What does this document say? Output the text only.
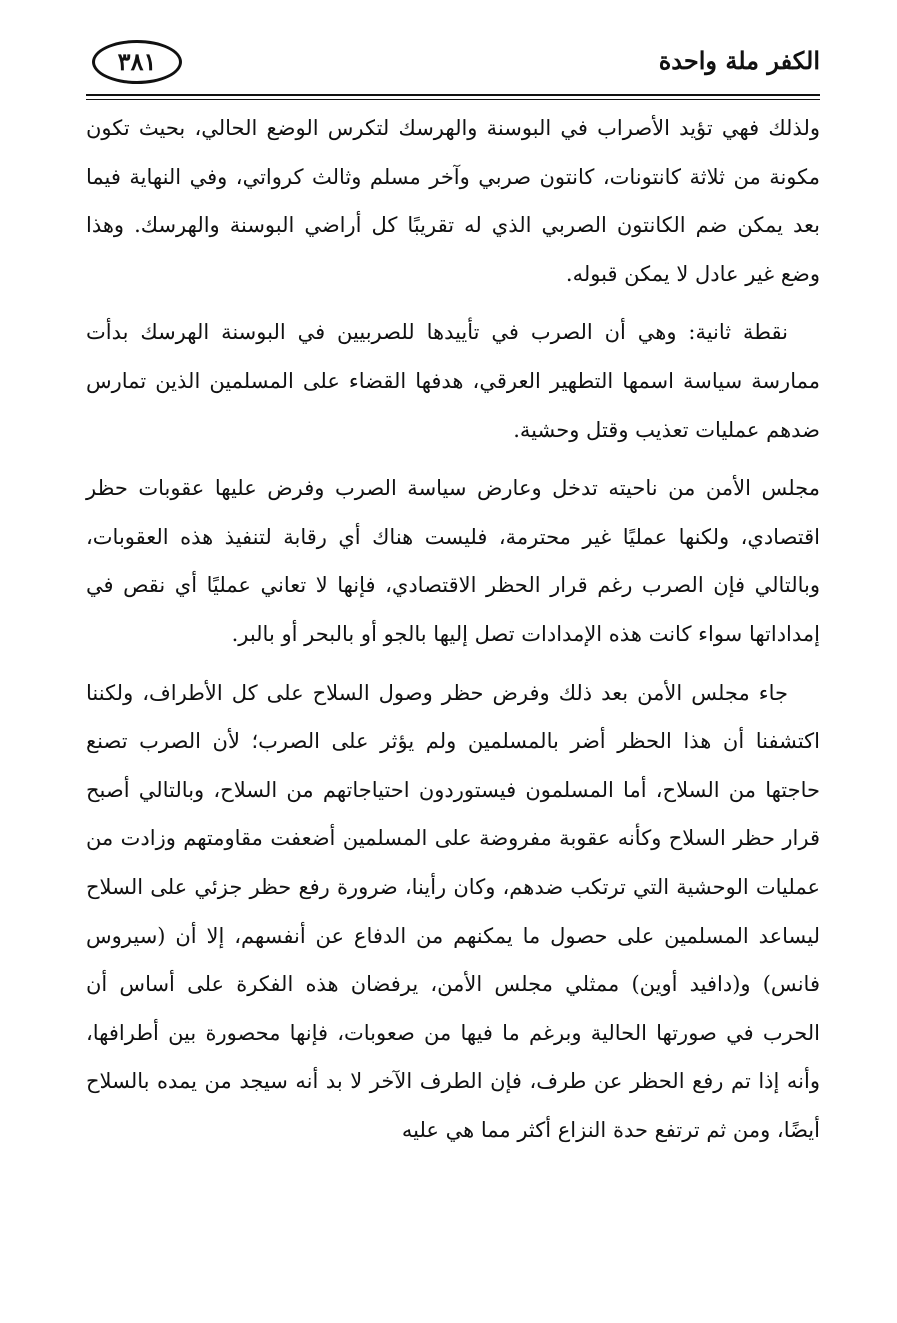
الكفر ملة واحدة
٣٨١

ولذلك فهي تؤيد الأصراب في البوسنة والهرسك لتكرس الوضع الحالي، بحيث تكون مكونة من ثلاثة كانتونات، كانتون صربي وآخر مسلم وثالث كرواتي، وفي النهاية فيما بعد يمكن ضم الكانتون الصربي الذي له تقريبًا كل أراضي البوسنة والهرسك. وهذا وضع غير عادل لا يمكن قبوله.

نقطة ثانية: وهي أن الصرب في تأييدها للصربيين في البوسنة الهرسك بدأت ممارسة سياسة اسمها التطهير العرقي، هدفها القضاء على المسلمين الذين تمارس ضدهم عمليات تعذيب وقتل وحشية.

مجلس الأمن من ناحيته تدخل وعارض سياسة الصرب وفرض عليها عقوبات حظر اقتصادي، ولكنها عمليًا غير محترمة، فليست هناك أي رقابة لتنفيذ هذه العقوبات، وبالتالي فإن الصرب رغم قرار الحظر الاقتصادي، فإنها لا تعاني عمليًا أي نقص في إمداداتها سواء كانت هذه الإمدادات تصل إليها بالجو أو بالبحر أو بالبر.

جاء مجلس الأمن بعد ذلك وفرض حظر وصول السلاح على كل الأطراف، ولكننا اكتشفنا أن هذا الحظر أضر بالمسلمين ولم يؤثر على الصرب؛ لأن الصرب تصنع حاجتها من السلاح، أما المسلمون فيستوردون احتياجاتهم من السلاح، وبالتالي أصبح قرار حظر السلاح وكأنه عقوبة مفروضة على المسلمين أضعفت مقاومتهم وزادت من عمليات الوحشية التي ترتكب ضدهم، وكان رأينا، ضرورة رفع حظر جزئي على السلاح ليساعد المسلمين على حصول ما يمكنهم من الدفاع عن أنفسهم، إلا أن (سيروس فانس) و(دافيد أوين) ممثلي مجلس الأمن، يرفضان هذه الفكرة على أساس أن الحرب في صورتها الحالية وبرغم ما فيها من صعوبات، فإنها محصورة بين أطرافها، وأنه إذا تم رفع الحظر عن طرف، فإن الطرف الآخر لا بد أنه سيجد من يمده بالسلاح أيضًا، ومن ثم ترتفع حدة النزاع أكثر مما هي عليه
